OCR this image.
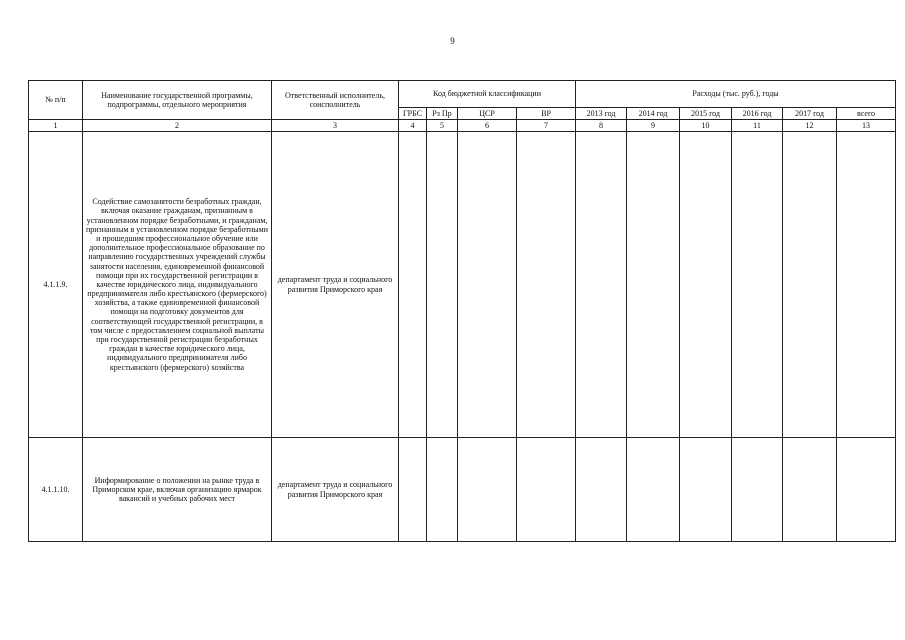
9
№ п/п	Наименование государственной программы, подпрограммы, отдельного мероприятия	Ответственный исполнитель, соисполнитель	Код бюджетной классификации				Расходы (тыс. руб.), годы					
			ГРБС	Рз Пр	ЦСР	ВР	2013 год	2014 год	2015 год	2016 год	2017 год	всего
1	2	3	4	5	6	7	8	9	10	11	12	13
4.1.1.9.	Содействие самозанятости безработных граждан, включая оказание гражданам, признанным в установленном порядке безработными, и гражданам, признанным в установленном порядке безработными и прошедшим профессиональное обучение или дополнительное профессиональное образование по направлению государственных учреждений службы занятости населения, единовременной финансовой помощи при их государственной регистрации в качестве юридического лица, индивидуального предпринимателя либо крестьянского (фермерского) хозяйства, а также единовременной финансовой помощи на подготовку документов для соответствующей государственной регистрации, в том числе с предоставлением социальной выплаты при государственной регистрации безработных граждан в качестве юридического лица, индивидуального предпринимателя либо крестьянского (фермерского) хозяйства	департамент труда и социального развития Приморского края										
4.1.1.10.	Информирование о положении на рынке труда в Приморском крае, включая организацию ярмарок вакансий и учебных рабочих мест	департамент труда и социального развития Приморского края										
